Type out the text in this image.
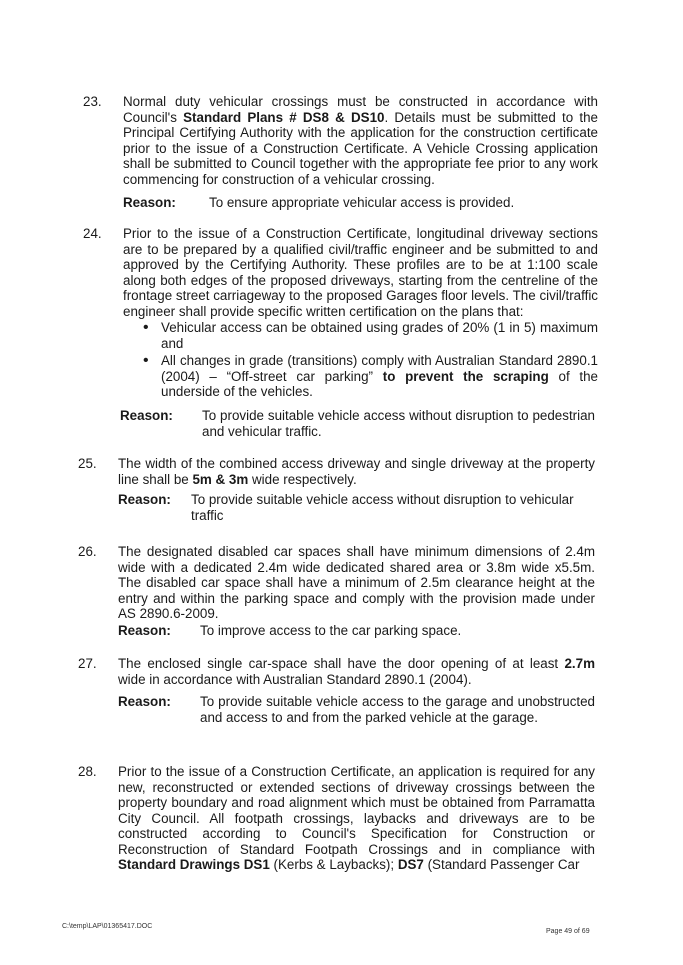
23. Normal duty vehicular crossings must be constructed in accordance with Council's Standard Plans # DS8 & DS10. Details must be submitted to the Principal Certifying Authority with the application for the construction certificate prior to the issue of a Construction Certificate. A Vehicle Crossing application shall be submitted to Council together with the appropriate fee prior to any work commencing for construction of a vehicular crossing.
Reason: To ensure appropriate vehicular access is provided.
24. Prior to the issue of a Construction Certificate, longitudinal driveway sections are to be prepared by a qualified civil/traffic engineer and be submitted to and approved by the Certifying Authority. These profiles are to be at 1:100 scale along both edges of the proposed driveways, starting from the centreline of the frontage street carriageway to the proposed Garages floor levels. The civil/traffic engineer shall provide specific written certification on the plans that:
• Vehicular access can be obtained using grades of 20% (1 in 5) maximum and
• All changes in grade (transitions) comply with Australian Standard 2890.1 (2004) – “Off-street car parking” to prevent the scraping of the underside of the vehicles.
Reason: To provide suitable vehicle access without disruption to pedestrian and vehicular traffic.
25. The width of the combined access driveway and single driveway at the property line shall be 5m & 3m wide respectively.
Reason: To provide suitable vehicle access without disruption to vehicular traffic
26. The designated disabled car spaces shall have minimum dimensions of 2.4m wide with a dedicated 2.4m wide dedicated shared area or 3.8m wide x5.5m. The disabled car space shall have a minimum of 2.5m clearance height at the entry and within the parking space and comply with the provision made under AS 2890.6-2009.
Reason: To improve access to the car parking space.
27. The enclosed single car-space shall have the door opening of at least 2.7m wide in accordance with Australian Standard 2890.1 (2004).
Reason: To provide suitable vehicle access to the garage and unobstructed and access to and from the parked vehicle at the garage.
28. Prior to the issue of a Construction Certificate, an application is required for any new, reconstructed or extended sections of driveway crossings between the property boundary and road alignment which must be obtained from Parramatta City Council. All footpath crossings, laybacks and driveways are to be constructed according to Council's Specification for Construction or Reconstruction of Standard Footpath Crossings and in compliance with Standard Drawings DS1 (Kerbs & Laybacks); DS7 (Standard Passenger Car
C:\temp\LAP\01365417.DOC
Page 49 of 69
